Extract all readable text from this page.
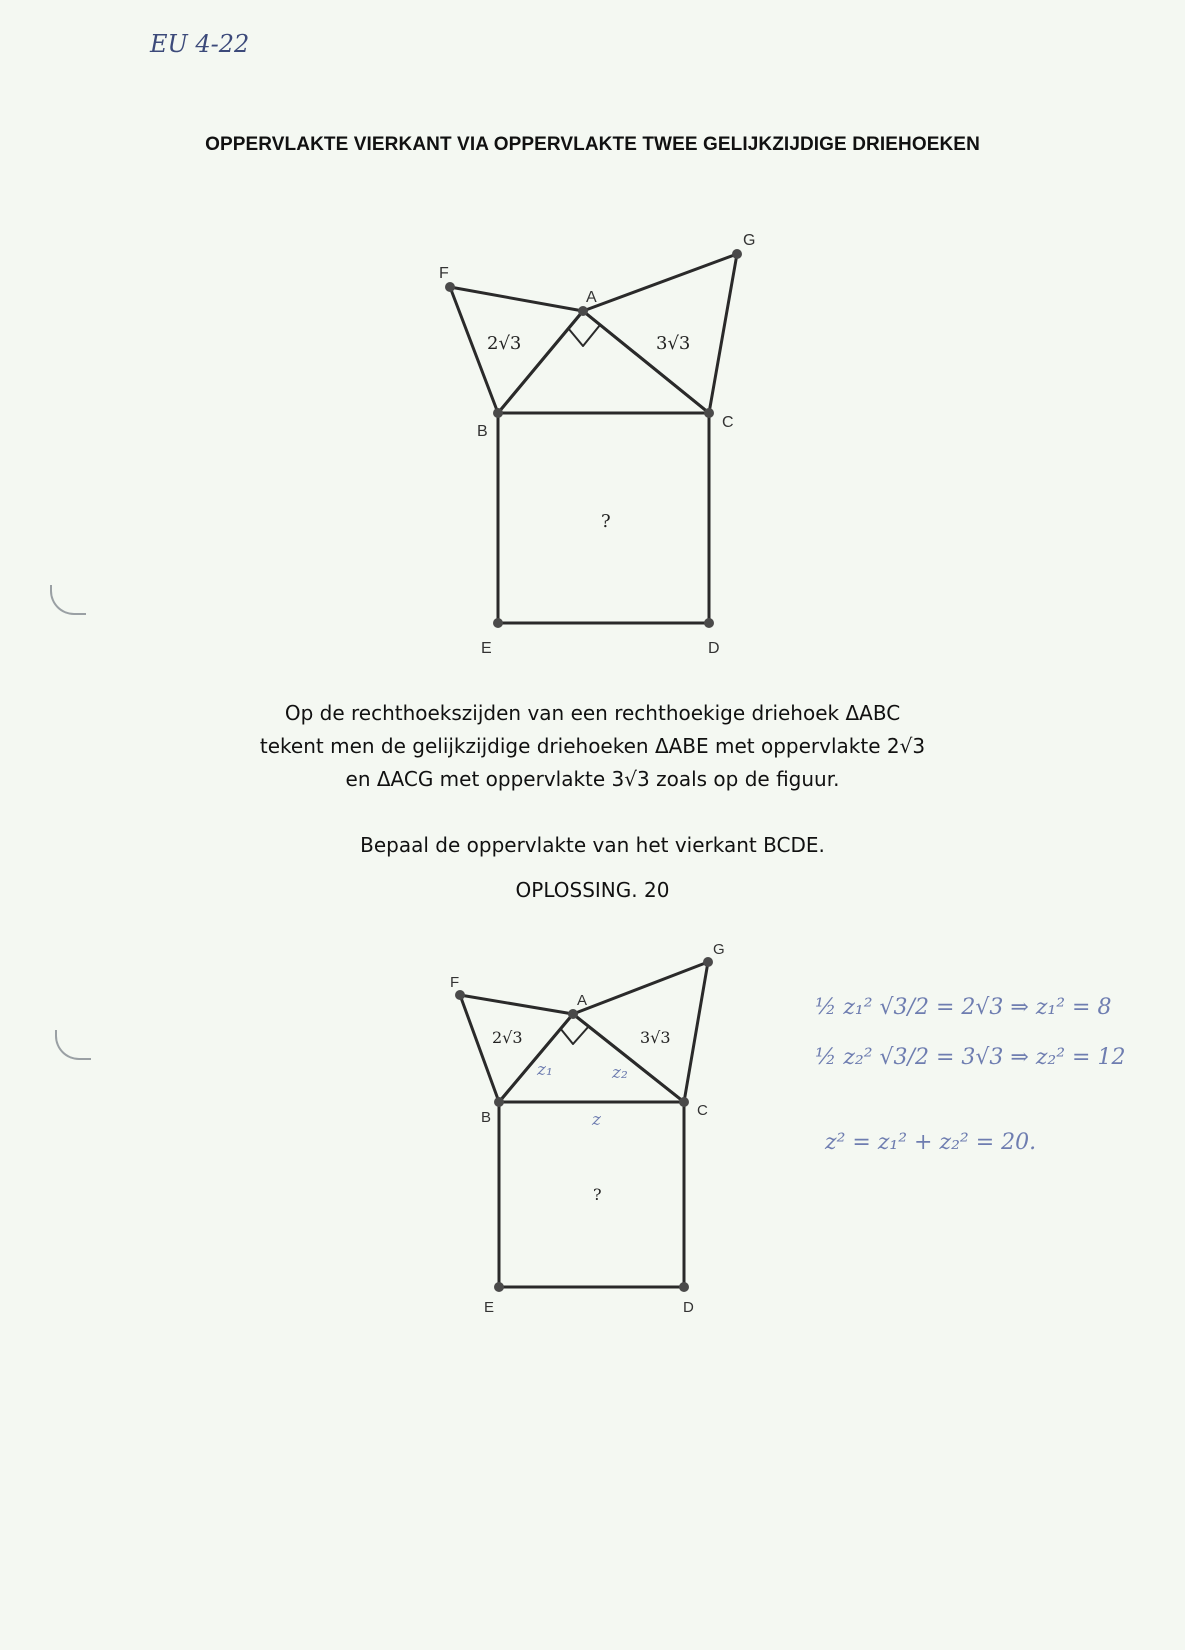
EU 4-22
OPPERVLAKTE VIERKANT VIA OPPERVLAKTE TWEE GELIJKZIJDIGE DRIEHOEKEN
F
A
G
B
C
E	D
2√3	3√3
?
F
A
G
B	C
E	D
2√3	3√3
?
z₁	z₂
z
Op de rechthoekszijden van een rechthoekige driehoek ΔABC
tekent men de gelijkzijdige driehoeken ΔABE met oppervlakte 2√3
en ΔACG met oppervlakte 3√3 zoals op de figuur.
Bepaal de oppervlakte van het vierkant BCDE.
OPLOSSING. 20
½ z₁² √3/2 = 2√3 ⇒ z₁² = 8
½ z₂² √3/2 = 3√3 ⇒ z₂² = 12
z² = z₁² + z₂² = 20.
